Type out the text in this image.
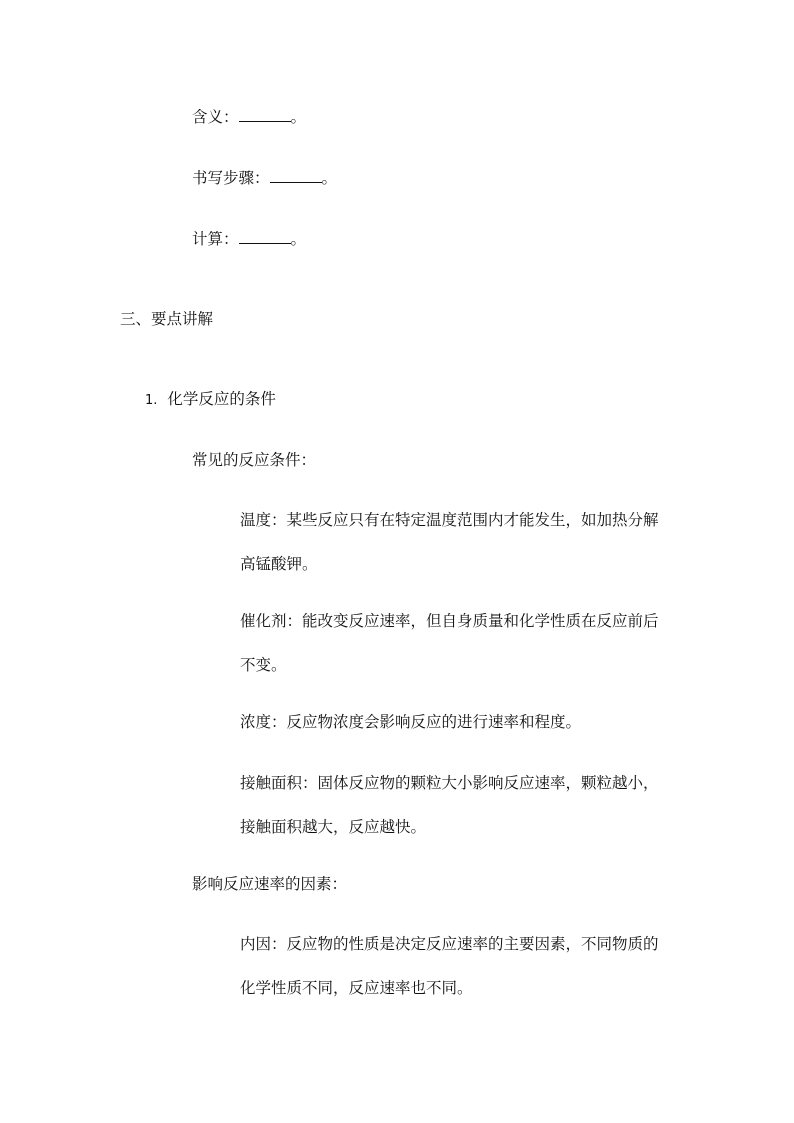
含义：	。
书写步骤：	。
计算：	。
三、要点讲解
1. 化学反应的条件
常见的反应条件：
温度：某些反应只有在特定温度范围内才能发生，如加热分解
高锰酸钾。
催化剂：能改变反应速率，但自身质量和化学性质在反应前后
不变。
浓度：反应物浓度会影响反应的进行速率和程度。
接触面积：固体反应物的颗粒大小影响反应速率，颗粒越小，
接触面积越大，反应越快。
影响反应速率的因素：
内因：反应物的性质是决定反应速率的主要因素，不同物质的
化学性质不同，反应速率也不同。
